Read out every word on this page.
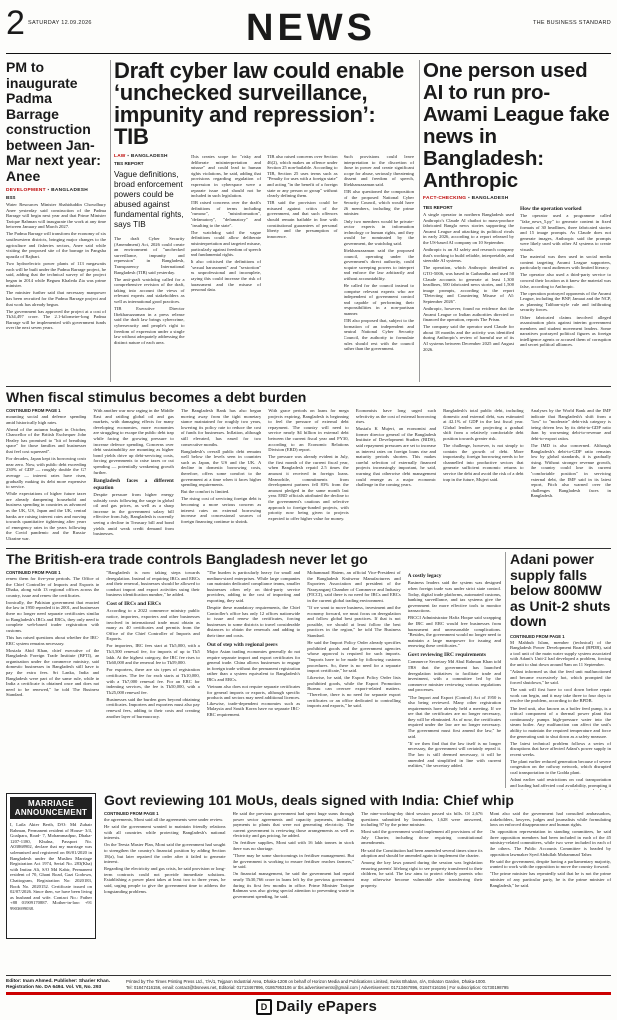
2 SATURDAY 12.09.2026	NEWS	THE BUSINESS STANDARD
PM to inaugurate Padma Barrage construction between Jan-Mar next year: Anee
DEVELOPMENT ▪ BANGLADESH
BSS

Water Resources Minister Shahiduddin Chowdhury Anee yesterday said construction of the Padma Barrage will begin next year and that Prime Minister Tarique Rahman will inaugurate the work at any time between January and March 2027.

The Padma Barrage will transform the economy of six southwestern districts, bringing major changes to the agriculture and fisheries sectors, Anee said while visiting the proposed site of the barrage in Pangsha upazila of Rajbari.

Two hydroelectric power plants of 113 megawatts each will be built under the Padma Barrage project, he said, adding that the technical survey of the project began in 2014 while Begum Khaleda Zia was prime minister.

The minister further said that necessary manpower has been recruited for the Padma Barrage project and that work has already begun.

The government has approved the project at a cost of Tk34,497 crore. The 2.1-kilometre-long Padma Barrage will be implemented with government funds over the next seven years.

Draft cyber law could enable ‘unchecked surveillance, impunity and repression’: TIB
LAW ▪ BANGLADESH
TBS REPORT
Vague definitions, broad enforcement powers could be abused against fundamental rights, says TIB

The draft Cyber Security (Amendment) Act, 2026 could create an environment of "unchecked surveillance, impunity and repression" in Bangladesh, Transparency International Bangladesh (TIB) said yesterday.

The anti-graft watchdog called for a comprehensive revision of the draft, taking into account the views of relevant experts and stakeholders as well as international good practices.

TIB Executive Director Iftekharuzzaman in a press release said the draft law brings cybercrime, cybersecurity and people's right to freedom of expression under a single law without adequately addressing the distinct nature of each area.

This creates scope for "risky and deliberate misinterpretation and misuse" and could lead to human rights violations, he said, adding that provisions regarding regulation of expression in cyberspace were a separate issue and should not be included in such legislation.

TIB raised concerns over the draft's definitions of terms including "rumour", "misinformation", "defamatory", "defamatory" and "insulting to the state".

The watchdog said the vague definitions could allow deliberate misinterpretation and targeted misuse, particularly against freedom of speech and fundamental rights.

It also criticised the definitions of "sexual harassment" and "sextortion" as unprofessional and incomplete, saying this could increase the risk of harassment and the misuse of personal data.

TIB also raised concerns over Section 46(2), which makes an offence under Section 25 non-bailable. According to TIB, Section 25 uses terms such as "Penalty for uses with a foreign state" and acting "in the benefit of a foreign state or any person or group" without clearly defining them.

TIB said the provision could be misused against critics of the government, and that such offences should remain bailable in line with constitutional guarantees of personal liberty and the presumption of innocence.

Such provisions could leave interpretation to the discretion of those in power and create significant scope for abuse, seriously threatening dissent and freedom of speech, Iftekharuzzaman said.

TIB also questioned the composition of the proposed National Cyber Security Council, which would have 26 members, including the prime minister.

Only two members would be private-sector experts in information technology or human rights, and they would be nominated by the government, the watchdog said.

Iftekharuzzaman said the proposed council, operating under the government's direct authority, could acquire sweeping powers to interpret and enforce the law arbitrarily and without accountability.

He called for the council instead to comprise relevant experts who are independent of government control and capable of performing their responsibilities in a non-partisan manner.

TIB also proposed that, subject to the formation of an independent and neutral National Cyber Security Council, the authority to formulate rules should rest with the council rather than the government.

One person used AI to run pro-Awami League fake news in Bangladesh: Anthropic
FACT-CHECKING ▪ BANGLADESH
TBS REPORT

A single operator in northern Bangladesh used Anthropic's Claude AI chatbot to mass-produce fabricated Bangla news stories supporting the Awami League and attacking its political rivals in early 2026, according to a report released by the US-based AI company on 10 September.

Anthropic is an AI safety and research company that's working to build reliable, interpretable, and steerable AI systems.

The operation, which Anthropic identified as GTO-5006, was based in Gaibandha and used 50 Claude accounts to generate at least 1,300 headlines, 500 fabricated news stories, and 1,500 image prompts, according to the report "Detecting and Countering Misuse of AI: September 2026".

Anthropic, however, found no evidence that the Awami League or Indian authorities directed or financed the operation, reports The Prism.

The company said the operator used Claude for about 18 months and the activity was identified during Anthropic's review of harmful use of its AI systems between December 2025 and August 2026.

How the operation worked

The operator used a programme called "fake_news_5.py" to generate content in fixed formats of 30 headlines, three fabricated stories and 15 image prompts. As Claude does not generate images, Anthropic said the prompts were likely used with other AI systems to create visuals.

The material was then used in social media content targeting Awami League supporters, particularly rural audiences with limited literacy.

The operator also used a third-party service to conceal their location as it knew the material was false, according to Anthropic.

The operation portrayed opponents of the Awami League, including the BNP, Jamaat and the NCP, as planning Taliban-style rule and infiltrating security forces.

Other fabricated claims involved alleged assassination plots against interim government members and student movement leaders. Some narratives portrayed political figures as foreign intelligence agents or accused them of corruption and secret political alliances.

When fiscal stimulus becomes a debt burden
CONTINUED FROM PAGE 1

mounting social and defence spending amid historically high rates.

Ahead of the autumn budget in October, Chancellor of the British Exchequer John Healey has promised to "hit of breathing space" for those families and businesses that feel cost squeezed".

For decades, Japan kept its borrowing costs near zero. Now, with public debt exceeding 230% of GDP — roughly double the G7 average — interest rates have risen, gradually making its debt more expensive to service.

While expectations of higher future taxes are already dampening household and business spending in countries as advanced as the UK, US, Japan and the UK, central banks are raising interest rates and moving towards quantitative tightening after years of emergency rates in the years following the Covid pandemic and the Russia-Ukraine war.

With another war now raging in the Middle East and rattling global oil and gas markets, with damaging effects for many developing economies, more economies are struggling to escape the public debt trap while facing the growing pressure to increase defence spending. Concerns over debt sustainability are mounting as higher bond yields drive up debt-servicing costs, forcing governments to raise taxes or cut spending — potentially weakening growth further.

Bangladesh faces a different equation

Despite pressure from higher energy subsidy costs following the surge in global oil and gas prices, as well as a sharp increase in the government salary bill effective from July, Bangladesh is currently seeing a decline in Treasury bill and bond yields amid weak credit demand from businesses.

The Bangladesh Bank has also begun moving away from the tight monetary stance maintained for roughly two years, lowering its policy rate to reduce the cost of funds for businesses. Inflation, although still elevated, has eased for two consecutive months.

Bangladesh's overall public debt remains well below the levels seen in countries such as Japan, the US and the UK. A decline in domestic borrowing costs, therefore, offers some comfort to the government at a time when it faces higher spending requirements.

But the comfort is limited.

The rising cost of servicing foreign debt is becoming a more serious concern as interest rates on external borrowing increase and concessional sources of foreign financing continue to shrink.

With grace periods on loans for mega projects expiring, Bangladesh is beginning to feel the pressure of external debt repayment. The country will need to service nearly $4 billion in external debt between the current fiscal year and FY30, according to an Economic Relations Division (ERD) report.

The pressure was already evident in July, the first month of the current fiscal year, when Bangladesh repaid 2.5 times the amount it received in foreign loans. Meanwhile, commitments from development partners fell 83% from the amount pledged in the same month last year. ERD officials attributed the decline to the government's cautious and selective approach to foreign-funded projects, with priority now being given to projects expected to offer higher value for money.

Economists have long urged such selectivity as the cost of external borrowing rises.

Mustafa K Mujeri, an economist and former director general of the Bangladesh Institute of Development Studies (BIDS), said repayment pressures are set to increase as interest rates on foreign loans rise and maturity periods shorten. This makes careful selection of externally financed projects increasingly important, he said, warning that otherwise debt management could emerge as a major economic challenge in the coming years.

Bangladesh's total public debt, including domestic and external debt, was estimated at 42.1% of GDP in the last fiscal year. Global lenders are projecting a gradual shift from a relatively comfortable debt position towards greater risk.

The challenge, however, is not simply to contain the growth of debt. More importantly, foreign borrowing needs to be channelled into productive sectors that generate sufficient economic returns to service the debt and avoid the risk of a debt trap in the future, Mujeri said.

Analyses by the World Bank and the IMF indicate that Bangladesh's shift from a "low" to "moderate" debt-risk category is being driven less by its debt-to-GDP ratio than by worsening debt-to-revenue and debt-to-export ratios.

The IMD is also concerned. Although Bangladesh's debt-to-GDP ratio remains low by global standards, it is gradually rising. Without stronger revenue growth, the country could lose its current "comfortable position" in servicing external debt, the IMF said in its latest report, Fitch also warned over the challenges Bangladesh faces in Bangladesh.

The British-era trade controls Bangladesh never let go
CONTINUED FROM PAGE 1

renew them for five-year periods. The Office of the Chief Controller of Imports and Exports in Dhaka, along with 13 regional offices across the country, issue and renew the certificates.

Ironically, the Pakistan government that enacted the law in 1950 repealed it in 2001, and businesses there no longer need separate certificates similar to Bangladesh's IRCs and ERCs, they only need to complete web-based trader registration with customs.

This has raised questions about whether the IRC-ERC system remains necessary.

Mostafa Abid Khan, chief executive of the Bangladesh Foreign Trade Institute (BFTI), an organisation under the commerce ministry, said domestic businesses in Bangladesh still have to pay the extra fees. Sri Lanka, India and Bangladesh were part of the same rule, while in India a certificate is obtained once and does not need to be renewed," he told The Business Standard.

"Bangladesh is now taking steps towards deregulation. Instead of requiring IRCs and ERCs and their renewal, businesses should be allowed to conduct import and export activities using their business identification number," he added.

Cost of IRCs and ERCs

According to a 2022 commerce ministry public notice, importers, exporters and other businesses involved in international trade must obtain as many as 40 certificates and permits from the Office of the Chief Controller of Imports and Exports.

For importers, IRC fees start at Tk5,000, with a Tk3,500 renewal fee, for imports of up to Tk5 lakh. At the highest category, the IRC fee rises to Tk60,000 and the renewal fee to Tk59,000.

For exporters, there are six types of registration certificates. The fee for each starts at Tk10,000, with a Tk7,000 renewal fee. For an ERC for indenting services, the fee is Tk50,000, with a Tk25,000 renewal fee.

Businesses said the burden goes beyond obtaining certificates. Importers and exporters must also pay renewal fees, adding to their costs and creating another layer of bureaucracy.

"The burden is particularly heavy for small and medium-sized enterprises. While large companies can maintain dedicated compliance teams, smaller businesses often rely on third-party service providers, adding to the cost of importing and exporting, they said.

Despite these mandatory requirements, the Chief Controller's office has only 12 offices nationwide to issue and renew the certificates, forcing businesses to some districts to travel considerable distances to obtain the renewals and adding to their time and costs.

Out of step with regional peers

Major Asian trading economies generally do not require separate import and export certificates for general trade. China allows businesses to engage in foreign trade without the permanent registration rather than a system equivalent to Bangladesh's IRCs and ERCs.

Vietnam also does not require separate certificates for general imports or exports, although specific products and sectors may need additional licences. Likewise, trade-dependent economies such as Malaysia and South Korea have no separate IRC-ERC requirement.

Mohammad Hatem, an official Vice-President of the Bangladesh Knitwear Manufacturers and Exporters Association and president of the Narayanganj Chamber of Commerce and Industry (FICCI), said there is no need for IRCs and ERCs in the current global trading environment.

"If we want to move business, investment and the economy forward, we must focus on deregulation and follow global best practices. If that is not possible, we should at least follow the best practices in the region," he told The Business Standard.

He said the Import Policy Order already specifies prohibited goods and the government agencies whose approval is required for such imports. "Imports have to be made by following customs procedures. So, there is no need for a separate import certificate," he said.

Likewise, he said, the Export Policy Order lists prohibited goods, while the Export Promotion Bureau can oversee export-related matters. "Therefore, there is no need for separate export certificates or an office dedicated to controlling imports and exports," he said.

A costly legacy

Business leaders said the system was designed when foreign trade was under strict state control. Today, digital trade platforms, automated customs, banking surveillance, and tax systems give the government far more effective tools to monitor transactions.

FBCCI Administrator Hafiz Hoque said scrapping the IRC and ERC would free businesses from harassment and unreasonable complications. "Besides, the government would no longer need to maintain a large manpower for issuing and renewing these certificates."

Govt reviewing IRC requirements

Commerce Secretary Md Abul Rahman Khan told TBS that the government has launched deregulation initiatives to facilitate trade and investment, with a committee led by the commerce minister reviewing various regulations and processes.

"The Import and Export (Control) Act of 1950 is also being reviewed. Many other registration requirements have already held a meeting. If we see that the certificates are no longer necessary, they will be eliminated. As of now, the certificates required under the law are no longer necessary. The government must first amend the law," he said.

"If we then find that the law itself is no longer necessary, the government will certainly repeal it. The law is still deemed necessary, it will be amended and simplified in line with current realities," the secretary added.

Adani power supply falls below 800MW as Unit-2 shuts down
CONTINUED FROM PAGE 1

M Mahbub Islam, member (technical) of the Bangladesh Power Development Board (BPDB), said a tool unit of the main water supply system associated with Adani's Unit-2 had developed a problem, forcing the unit to shut down around 9am on 11 September.

"Adani informed us that the feed unit malfunctioned and became excessively hot, which prompted the forced shutdown," he said.

The unit will first have to cool down before repair work can begin, and it may take three to four days to resolve the problem, according to the BPDB.

The feed unit, also known as a boiler feed pump, is a critical component of a thermal power plant that continuously pumps high-pressure water into the steam boiler. Any malfunction can affect the unit's ability to maintain the required temperature and force the generating unit to shut down as a safety measure.

The latest technical problem follows a series of disruptions that have affected Adani's power supply in recent weeks.

The plant earlier reduced generation because of severe congestion on the railway network, which disrupted coal transportation to the Godda plant.

Adani earlier said restrictions on coal transportation and loading had affected coal availability, prompting it

MARRIAGE ANNOUNCEMENT
I, Laila Akter Berth, D/O: Md Zubair Rahman, Permanent resident of House- 3/4, Goalpara, Road- 7, Mohammadpur, Dhaka- 1207-1180, Khulna, Passport No. A03868902, declare that my marriage was solemnised and registered on 06/01/2020 in Bangladesh under the Muslim Marriage Registration Act 1974, Serial No. 283(Kha) with Imtiaz Ali, S/O Md Kabir, Permanent resident of 70, Ghani Road, Gazi Godown, Chattogram, Registration No: 2020183, Book No. 2020152. Certificate issued on 02/07/2026. Since then, we have been living as husband and wife. Contact No.: Father +88 01909170887. Mother-in-law: +91 9903699038.
Govt reviewing 101 MoUs, deals signed with India: Chief whip
CONTINUED FROM PAGE 1

the agreements, Moni said all the agreements were under review.

He said the government wanted to maintain friendly relations with all countries while protecting Bangladesh's national interests.

On the Teesta Master Plan, Moni said the government had sought to strengthen the country's financial position by adding Section 18(a), but later repaired the order after it failed to generate interest.

Regarding the electricity and gas crisis, he said provision or long-term contracts could not provide immediate solutions. Establishing a power plant takes at least two to three years, he said, urging people to give the government time to address the longstanding problems.

He said the previous government had spent huge sums through power sector agreements and capacity payments, including payments to plants that were not generating electricity. The current government is reviewing those arrangements as well as electricity and gas pricing, he added.

On fertiliser supplies, Moni said with 16 lakh tonnes in stock there was no shortage.

"There may be some shortcomings in fertiliser management. But the government is working to ensure fertiliser reaches farmers," he said.

On financial management, he said the government had repaid nearly Tk30,766 crore in loans left by the previous government during its first few months in office. Prime Minister Tarique Rahman was also giving special attention to preventing waste in government spending, he said.

The nine-working-day third session passed six bills. Of 2,676 questions submitted by lawmakers, 1,628 were answered, including 97 by the prime minister.

Moni said the government would implement all provisions of the July Charter, including those requiring constitutional amendments.

He said the Constitution had been amended several times since its adoption and should be amended again to implement the charter.

Among the key laws passed during the session was legislation ensuring parents' lifelong right to see property transferred to their children, he said. The law aims to protect elderly parents who may otherwise become vulnerable after transferring their property.

Moni also said the government had consulted ambassadors, stakeholders, lawyers, judges and journalists while formulating laws on enforced disappearance and human rights.

On opposition representation in standing committees, he said three opposition members had been included in each of the 45 ministry-related committees, while two were included in each of the others. The Public Accounts Committee is headed by opposition lawmaker Syed Abdullah Mohammad Taher.

He said the government, despite having a parliamentary majority, wanted to work with the opposition to move the country forward.

"The prime minister has repeatedly said that he is not the prime minister of any particular party, he is the prime minister of Bangladesh," he said.

Editor: Inam Ahmed. Publisher: Sharier Khan.
Registration No. DA 6494. Vol. VII, No. 293
Printed by The Times Printing Press Ltd., 7/A/1, Tejgaon Industrial Area, Dhaka-1208 on behalf of Horizon Media and Publications Limited, Swiss Bhaban, 4/A, Eskaton Garden, Dhaka-1000.
Tel: 01847416156, email: contact@tbsnews.net, Editorial: 01713467896, 01867953106 or tbs.advertisements@gmail.com | Advertisement: 01713467896, 01847416156 | For subscription: 01730198795
D Daily ePapers
